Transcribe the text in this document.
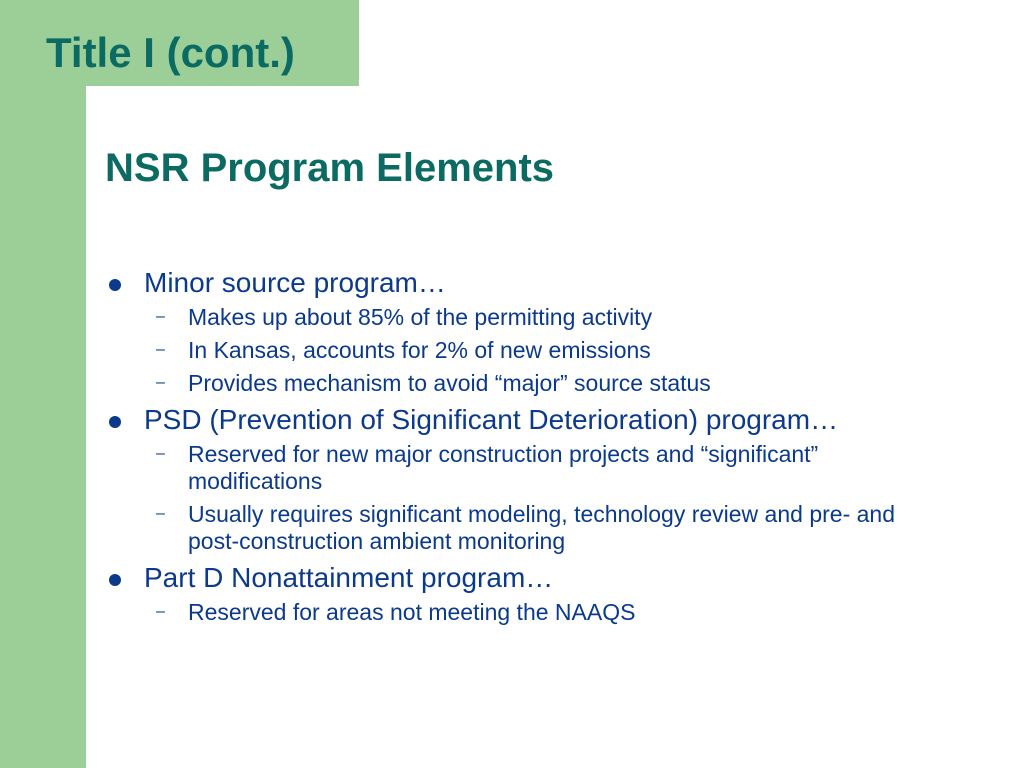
Title I (cont.)
NSR Program Elements
Minor source program…
– Makes up about 85% of the permitting activity
– In Kansas, accounts for 2% of new emissions
– Provides mechanism to avoid “major” source status
PSD (Prevention of Significant Deterioration) program…
– Reserved for new major construction projects and “significant” modifications
– Usually requires significant modeling, technology review and pre- and post-construction ambient monitoring
Part D Nonattainment program…
– Reserved for areas not meeting the NAAQS
